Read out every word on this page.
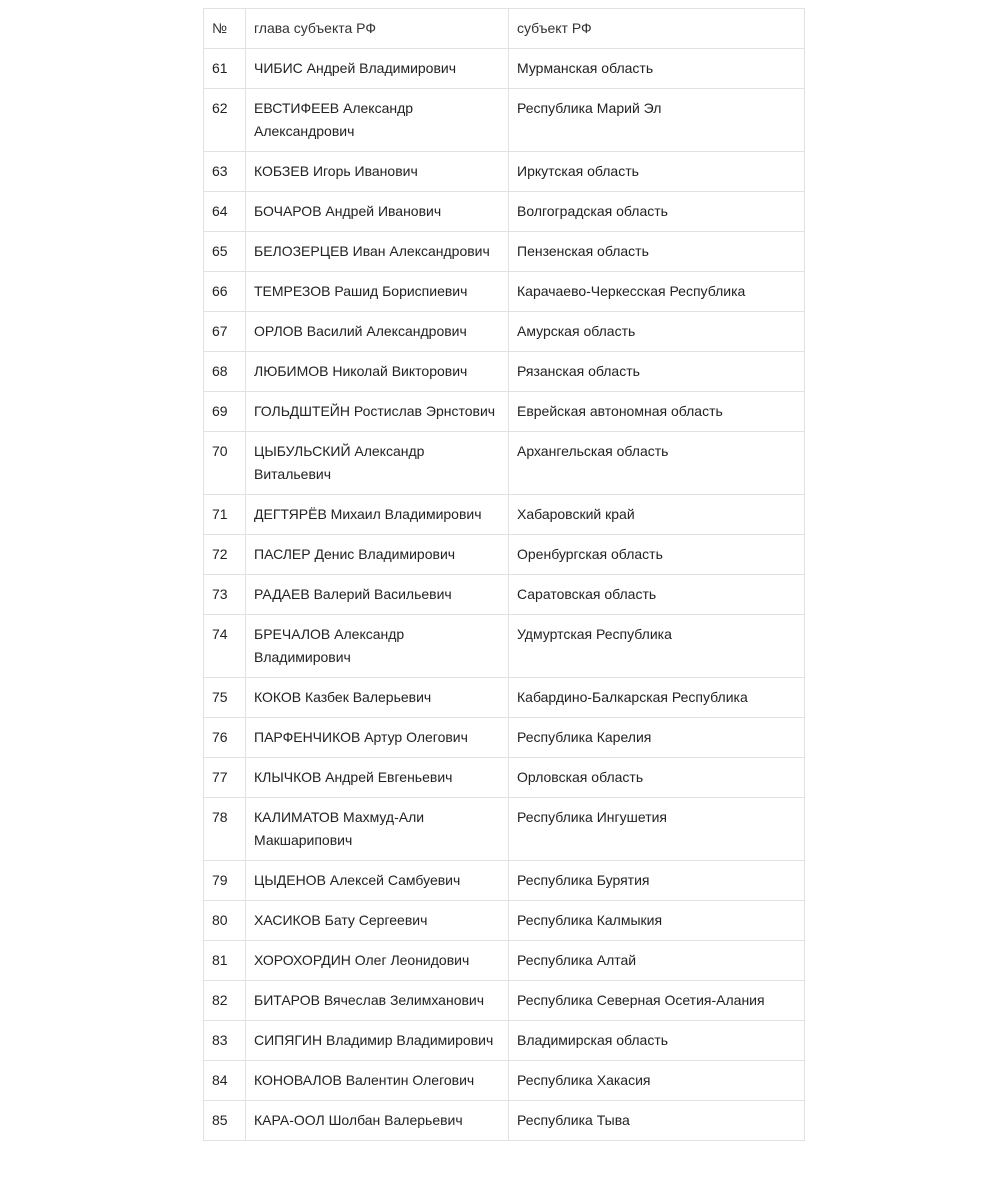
№	глава субъекта РФ	субъект РФ
61	ЧИБИС Андрей Владимирович	Мурманская область
62	ЕВСТИФЕЕВ Александр Александрович	Республика Марий Эл
63	КОБЗЕВ Игорь Иванович	Иркутская область
64	БОЧАРОВ Андрей Иванович	Волгоградская область
65	БЕЛОЗЕРЦЕВ Иван Александрович	Пензенская область
66	ТЕМРЕЗОВ Рашид Бориспиевич	Карачаево-Черкесская Республика
67	ОРЛОВ Василий Александрович	Амурская область
68	ЛЮБИМОВ Николай Викторович	Рязанская область
69	ГОЛЬДШТЕЙН Ростислав Эрнстович	Еврейская автономная область
70	ЦЫБУЛЬСКИЙ Александр Витальевич	Архангельская область
71	ДЕГТЯРЁВ Михаил Владимирович	Хабаровский край
72	ПАСЛЕР Денис Владимирович	Оренбургская область
73	РАДАЕВ Валерий Васильевич	Саратовская область
74	БРЕЧАЛОВ Александр Владимирович	Удмуртская Республика
75	КОКОВ Казбек Валерьевич	Кабардино-Балкарская Республика
76	ПАРФЕНЧИКОВ Артур Олегович	Республика Карелия
77	КЛЫЧКОВ Андрей Евгеньевич	Орловская область
78	КАЛИМАТОВ Махмуд-Али Макшарипович	Республика Ингушетия
79	ЦЫДЕНОВ Алексей Самбуевич	Республика Бурятия
80	ХАСИКОВ Бату Сергеевич	Республика Калмыкия
81	ХОРОХОРДИН Олег Леонидович	Республика Алтай
82	БИТАРОВ Вячеслав Зелимханович	Республика Северная Осетия-Алания
83	СИПЯГИН Владимир Владимирович	Владимирская область
84	КОНОВАЛОВ Валентин Олегович	Республика Хакасия
85	КАРА-ООЛ Шолбан Валерьевич	Республика Тыва
